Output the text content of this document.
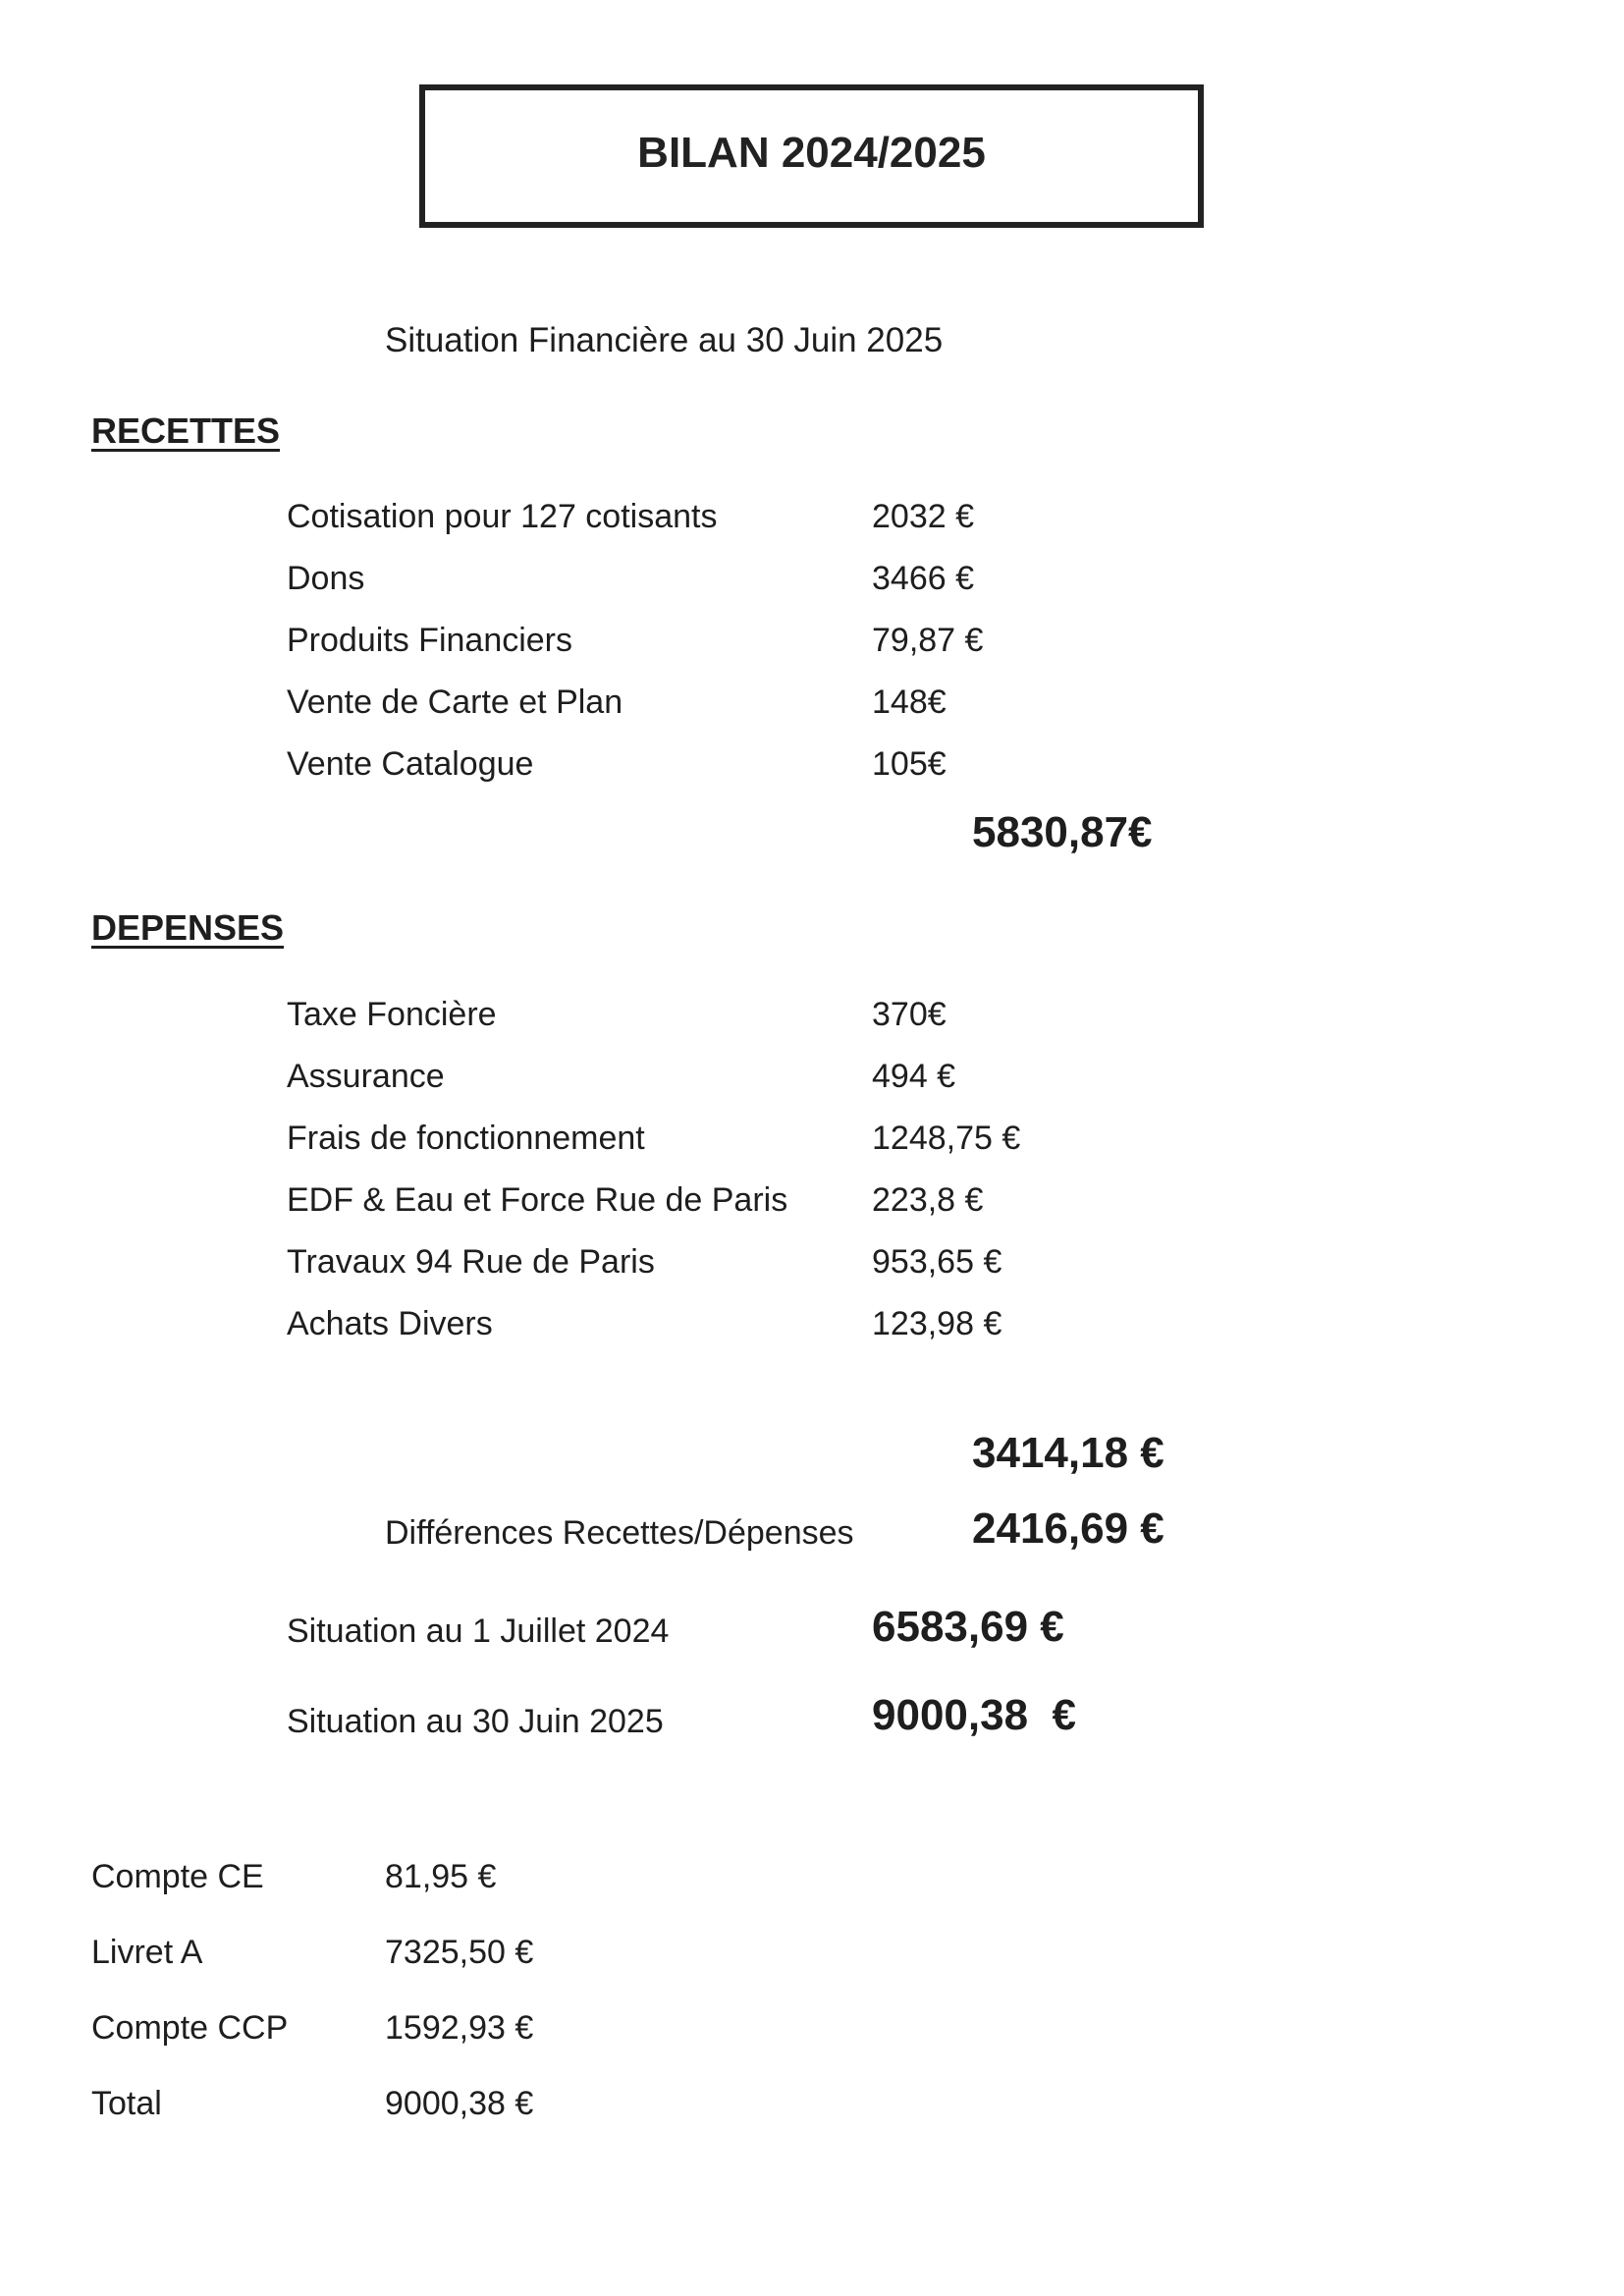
BILAN 2024/2025
Situation Financière au 30 Juin 2025
RECETTES
Cotisation pour 127 cotisants	2032 €
Dons	3466 €
Produits Financiers	79,87 €
Vente de Carte et Plan	148€
Vente Catalogue	105€
5830,87€
DEPENSES
Taxe Foncière	370€
Assurance	494 €
Frais de fonctionnement	1248,75 €
EDF & Eau et Force Rue de Paris	223,8 €
Travaux 94 Rue de Paris	953,65 €
Achats Divers	123,98 €
3414,18 €
Différences Recettes/Dépenses	2416,69 €
Situation au 1 Juillet 2024	6583,69 €
Situation au 30 Juin 2025	9000,38  €
Compte CE	81,95 €
Livret A	7325,50 €
Compte CCP	1592,93 €
Total	9000,38 €
